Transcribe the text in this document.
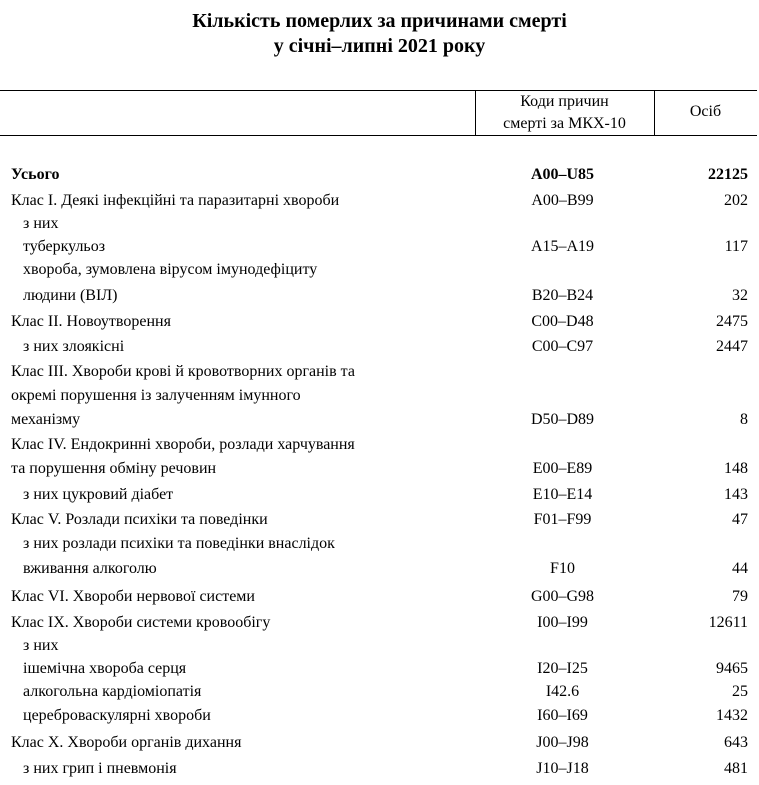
Кількість померлих за причинами смерті
у січні–липні 2021 року
Коди причин
смерті за МКХ-10
Осіб
Усього	A00–U85	22125
Клас I. Деякі інфекційні та паразитарні хвороби	A00–B99	202
з них
туберкульоз	A15–A19	117
хвороба, зумовлена вірусом імунодефіциту
людини (ВІЛ)	B20–B24	32
Клас II. Новоутворення	C00–D48	2475
з них злоякісні	C00–C97	2447
Клас III. Хвороби крові й кровотворних органів та
окремі порушення із залученням імунного
механізму	D50–D89	8
Клас IV. Ендокринні хвороби, розлади харчування
та порушення обміну речовин	E00–E89	148
з них цукровий діабет	E10–E14	143
Клас V. Розлади психіки та поведінки	F01–F99	47
з них розлади психіки та поведінки внаслідок
вживання алкоголю	F10	44
Клас VI. Хвороби нервової системи	G00–G98	79
Клас IX. Хвороби системи кровообігу	I00–I99	12611
з них
ішемічна хвороба серця	I20–I25	9465
алкогольна кардіоміопатія	I42.6	25
цереброваскулярні хвороби	I60–I69	1432
Клас X. Хвороби органів дихання	J00–J98	643
з них грип і пневмонія	J10–J18	481
